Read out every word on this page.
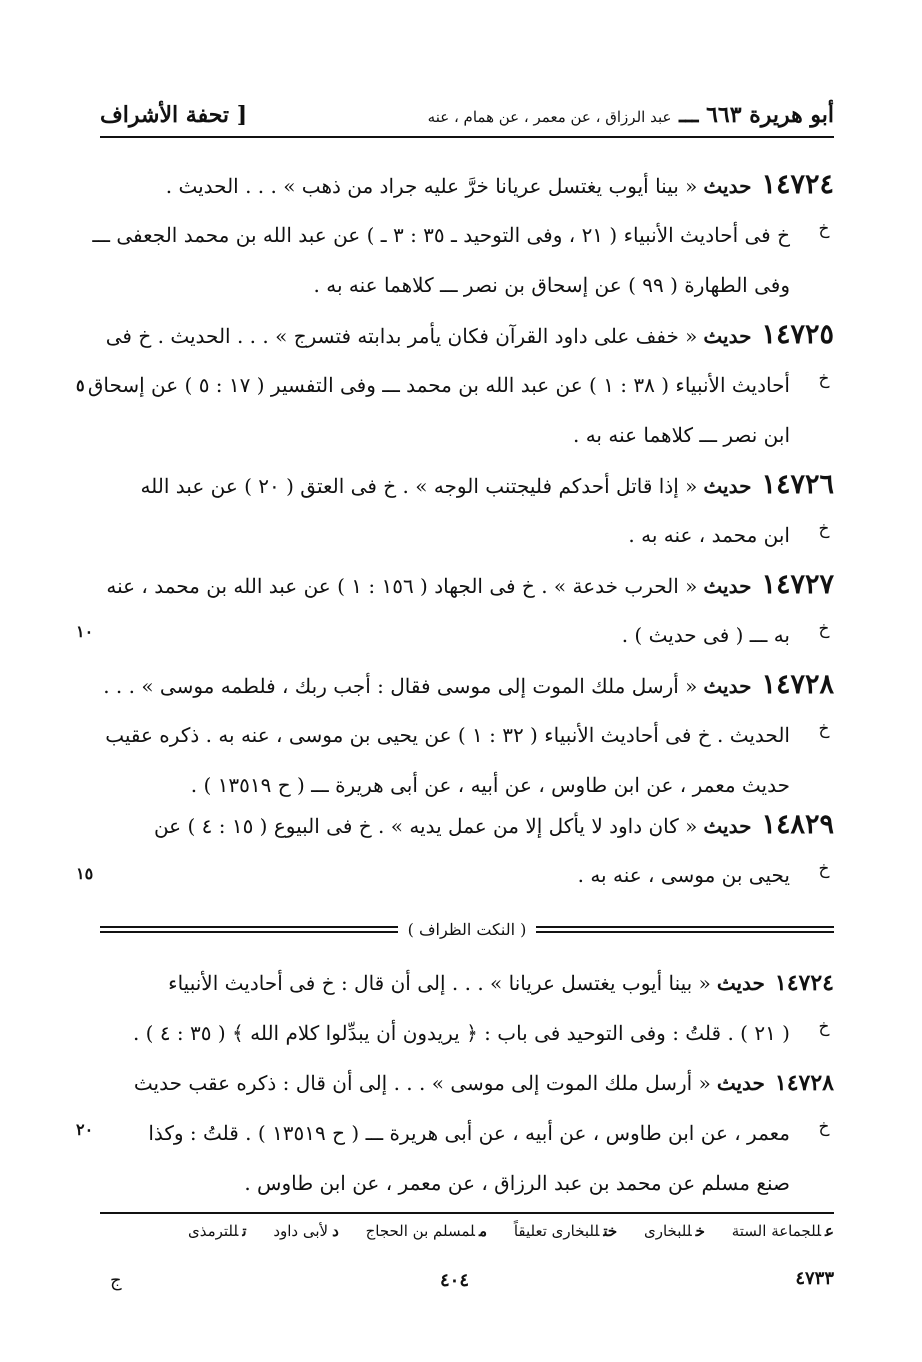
أبو هريرة ٦٦٣ ـــ عبد الرزاق ، عن معمر ، عن همام ، عنه
[ تحفة الأشراف
١٤٧٢٤حديث« بينا أيوب يغتسل عريانا خرَّ عليه جراد من ذهب » . . . الحديث .
خ فى أحاديث الأنبياء ( ٢١ ، وفى التوحيد ـ ٣٥ : ٣ ـ ) عن عبد الله بن محمد الجعفى ـــ
وفى الطهارة ( ٩٩ ) عن إسحاق بن نصر ـــ كلاهما عنه به .
خ
١٤٧٢٥حديث« خفف على داود القرآن فكان يأمر بدابته فتسرج » . . . الحديث . خ فى
أحاديث الأنبياء ( ٣٨ : ١ ) عن عبد الله بن محمد ـــ وفى التفسير ( ١٧ : ٥ ) عن إسحاق
ابن نصر ـــ كلاهما عنه به .
خ
٥
١٤٧٢٦حديث« إذا قاتل أحدكم فليجتنب الوجه » . خ فى العتق ( ٢٠ ) عن عبد الله
ابن محمد ، عنه به .	خ
١٤٧٢٧حديث« الحرب خدعة » . خ فى الجهاد ( ١٥٦ : ١ ) عن عبد الله بن محمد ، عنه
به ـــ ( فى حديث ) .	خ
١٠
١٤٧٢٨حديث« أرسل ملك الموت إلى موسى فقال : أجب ربك ، فلطمه موسى » . . .
الحديث . خ فى أحاديث الأنبياء ( ٣٢ : ١ ) عن يحيى بن موسى ، عنه به . ذكره عقيب
حديث معمر ، عن ابن طاوس ، عن أبيه ، عن أبى هريرة ـــ ( ح ١٣٥١٩ ) .
خ
١٤٨٢٩حديث« كان داود لا يأكل إلا من عمل يديه » . خ فى البيوع ( ١٥ : ٤ ) عن
يحيى بن موسى ، عنه به .	خ
١٥
( النكت الظراف )
١٤٧٢٤حديث« بينا أيوب يغتسل عريانا » . . . إلى أن قال : خ فى أحاديث الأنبياء
( ٢١ ) . قلتُ : وفى التوحيد فى باب : ﴿ يريدون أن يبدِّلوا كلام الله ﴾ ( ٣٥ : ٤ ) .	خ
١٤٧٢٨حديث« أرسل ملك الموت إلى موسى » . . . إلى أن قال : ذكره عقب حديث
معمر ، عن ابن طاوس ، عن أبيه ، عن أبى هريرة ـــ ( ح ١٣٥١٩ ) . قلتُ : وكذا
صنع مسلم عن محمد بن عبد الرزاق ، عن معمر ، عن ابن طاوس .
خ
٢٠
عللجماعة الستة خللبخارى ختللبخارى تعليقاً ملمسلم بن الحجاج دلأبى داود تللترمذى
٤٧٣٣
٤٠٤
ج
